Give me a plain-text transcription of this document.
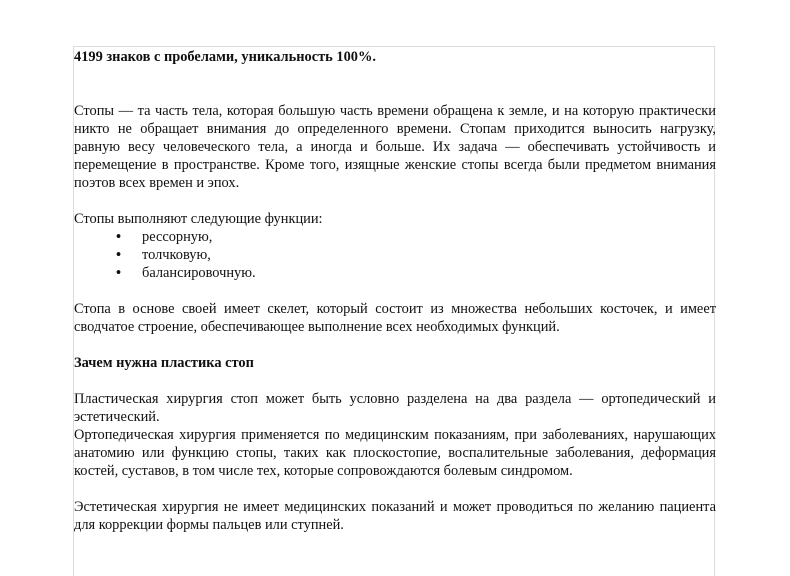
4199 знаков с пробелами, уникальность 100%.

Стопы — та часть тела, которая большую часть времени обращена к земле, и на которую практически никто не обращает внимания до определенного времени. Стопам приходится выносить нагрузку, равную весу человеческого тела, а иногда и больше. Их задача — обеспечивать устойчивость и перемещение в пространстве. Кроме того, изящные женские стопы всегда были предметом внимания поэтов всех времен и эпох.

Стопы выполняют следующие функции:

•	рессорную,
•	толчковую,
•	балансировочную.

Стопа в основе своей имеет скелет, который состоит из множества небольших косточек, и имеет сводчатое строение, обеспечивающее выполнение всех необходимых функций.

Зачем нужна пластика стоп

Пластическая хирургия стоп может быть условно разделена на два раздела — ортопедический и эстетический.

Ортопедическая хирургия применяется по медицинским показаниям, при заболеваниях, нарушающих анатомию или функцию стопы, таких как плоскостопие, воспалительные заболевания, деформация костей, суставов, в том числе тех, которые сопровождаются болевым синдромом.

Эстетическая хирургия не имеет медицинских показаний и может проводиться по желанию пациента для коррекции формы пальцев или ступней.
